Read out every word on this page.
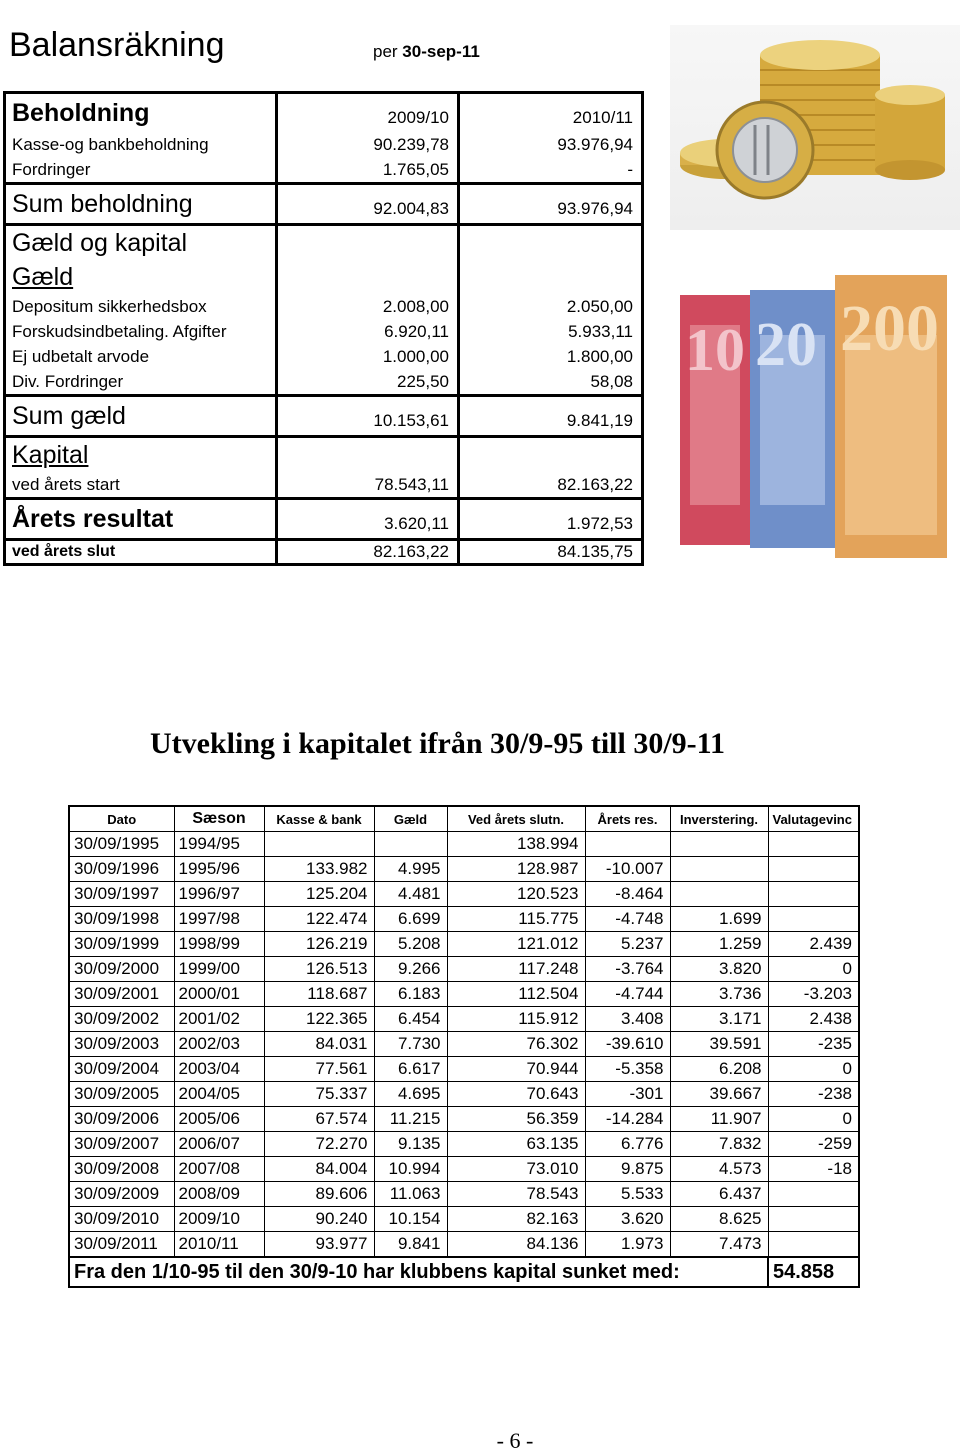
Balansräkning	per 30-sep-11
Beholdning	2009/10	2010/11
Kasse-og bankbeholdning	90.239,78	93.976,94
Fordringer	1.765,05	-
Sum beholdning	92.004,83	93.976,94
Gæld og kapital		
Gæld		
Depositum sikkerhedsbox	2.008,00	2.050,00
Forskudsindbetaling. Afgifter	6.920,11	5.933,11
Ej udbetalt arvode	1.000,00	1.800,00
Div. Fordringer	225,50	58,08
Sum gæld	10.153,61	9.841,19
Kapital		
ved årets start	78.543,11	82.163,22
Årets resultat	3.620,11	1.972,53
ved årets slut	82.163,22	84.135,75
10 20 200
Utvekling i kapitalet ifrån 30/9-95 till 30/9-11
Dato	Sæson	Kasse & bank	Gæld	Ved årets slutn.	Årets res.	Inverstering.	Valutagevinc
30/09/1995	1994/95			138.994			
30/09/1996	1995/96	133.982	4.995	128.987	-10.007		
30/09/1997	1996/97	125.204	4.481	120.523	-8.464		
30/09/1998	1997/98	122.474	6.699	115.775	-4.748	1.699	
30/09/1999	1998/99	126.219	5.208	121.012	5.237	1.259	2.439
30/09/2000	1999/00	126.513	9.266	117.248	-3.764	3.820	0
30/09/2001	2000/01	118.687	6.183	112.504	-4.744	3.736	-3.203
30/09/2002	2001/02	122.365	6.454	115.912	3.408	3.171	2.438
30/09/2003	2002/03	84.031	7.730	76.302	-39.610	39.591	-235
30/09/2004	2003/04	77.561	6.617	70.944	-5.358	6.208	0
30/09/2005	2004/05	75.337	4.695	70.643	-301	39.667	-238
30/09/2006	2005/06	67.574	11.215	56.359	-14.284	11.907	0
30/09/2007	2006/07	72.270	9.135	63.135	6.776	7.832	-259
30/09/2008	2007/08	84.004	10.994	73.010	9.875	4.573	-18
30/09/2009	2008/09	89.606	11.063	78.543	5.533	6.437	
30/09/2010	2009/10	90.240	10.154	82.163	3.620	8.625	
30/09/2011	2010/11	93.977	9.841	84.136	1.973	7.473	
Fra den 1/10-95 til den 30/9-10 har klubbens kapital sunket med:							54.858
- 6 -
